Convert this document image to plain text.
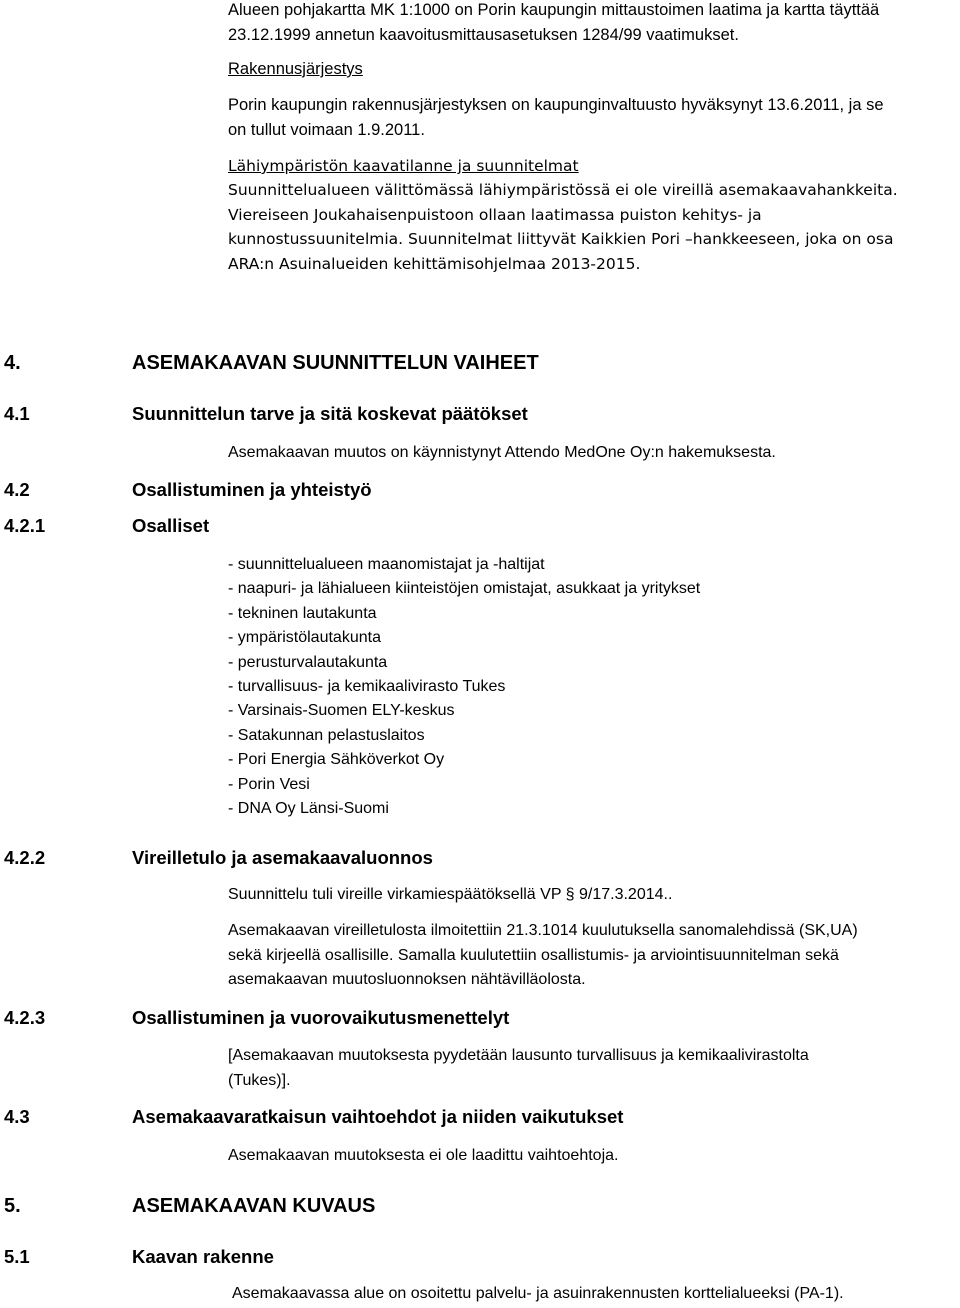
Alueen pohjakartta MK 1:1000 on Porin kaupungin mittaustoimen laatima ja kartta täyttää
23.12.1999 annetun kaavoitusmittausasetuksen 1284/99 vaatimukset.
Rakennusjärjestys
Porin kaupungin rakennusjärjestyksen on kaupunginvaltuusto hyväksynyt 13.6.2011, ja se
on tullut voimaan 1.9.2011.
Lähiympäristön kaavatilanne ja suunnitelmat
Suunnittelualueen välittömässä lähiympäristössä ei ole vireillä asemakaavahankkeita.
Viereiseen Joukahaisenpuistoon ollaan laatimassa puiston kehitys- ja
kunnostussuunitelmia. Suunnitelmat liittyvät Kaikkien Pori –hankkeeseen, joka on osa
ARA:n Asuinalueiden kehittämisohjelmaa 2013-2015.
4.	ASEMAKAAVAN SUUNNITTELUN VAIHEET
4.1	Suunnittelun tarve ja sitä koskevat päätökset
Asemakaavan muutos on käynnistynyt Attendo MedOne Oy:n hakemuksesta.
4.2	Osallistuminen ja yhteistyö
4.2.1	Osalliset
- suunnittelualueen maanomistajat ja -haltijat
- naapuri- ja lähialueen kiinteistöjen omistajat, asukkaat ja yritykset
- tekninen lautakunta
- ympäristölautakunta
- perusturvalautakunta
- turvallisuus- ja kemikaalivirasto Tukes
- Varsinais-Suomen ELY-keskus
- Satakunnan pelastuslaitos
- Pori Energia Sähköverkot Oy
- Porin Vesi
- DNA Oy Länsi-Suomi
4.2.2	Vireilletulo ja asemakaavaluonnos
Suunnittelu tuli vireille virkamiespäätöksellä VP § 9/17.3.2014..
Asemakaavan vireilletulosta ilmoitettiin 21.3.1014 kuulutuksella sanomalehdissä (SK,UA)
sekä kirjeellä osallisille. Samalla kuulutettiin osallistumis- ja arviointisuunnitelman sekä
asemakaavan muutosluonnoksen nähtävilläolosta.
4.2.3	Osallistuminen ja vuorovaikutusmenettelyt
[Asemakaavan muutoksesta pyydetään lausunto turvallisuus ja kemikaalivirastolta
(Tukes)].
4.3	Asemakaavaratkaisun vaihtoehdot ja niiden vaikutukset
Asemakaavan muutoksesta ei ole laadittu vaihtoehtoja.
5.	ASEMAKAAVAN KUVAUS
5.1	Kaavan rakenne
Asemakaavassa alue on osoitettu palvelu- ja asuinrakennusten korttelialueeksi (PA-1).
